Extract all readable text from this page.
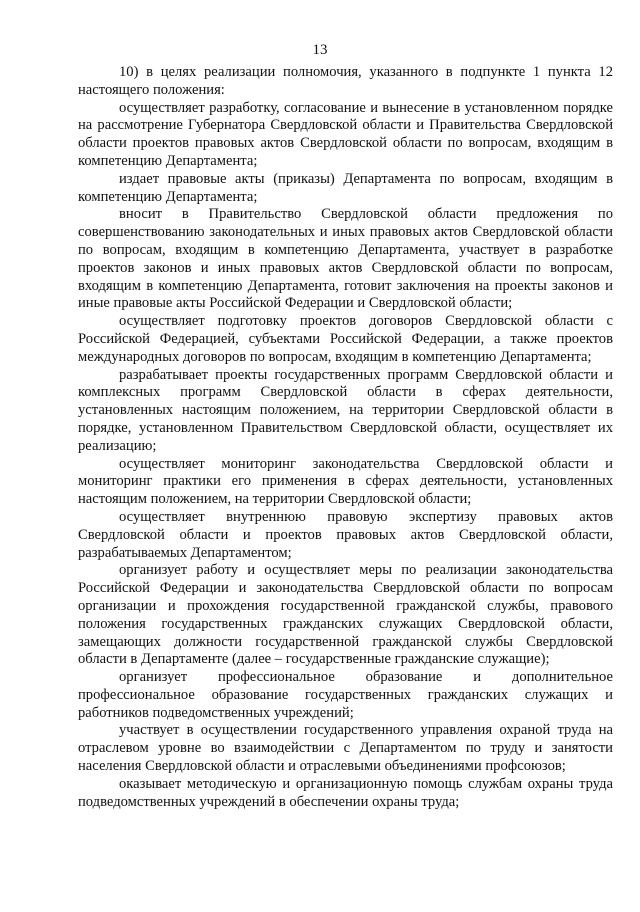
13

10) в целях реализации полномочия, указанного в подпункте 1 пункта 12 настоящего положения:

осуществляет разработку, согласование и вынесение в установленном порядке на рассмотрение Губернатора Свердловской области и Правительства Свердловской области проектов правовых актов Свердловской области по вопросам, входящим в компетенцию Департамента;

издает правовые акты (приказы) Департамента по вопросам, входящим в компетенцию Департамента;

вносит в Правительство Свердловской области предложения по совершенствованию законодательных и иных правовых актов Свердловской области по вопросам, входящим в компетенцию Департамента, участвует в разработке проектов законов и иных правовых актов Свердловской области по вопросам, входящим в компетенцию Департамента, готовит заключения на проекты законов и иные правовые акты Российской Федерации и Свердловской области;

осуществляет подготовку проектов договоров Свердловской области с Российской Федерацией, субъектами Российской Федерации, а также проектов международных договоров по вопросам, входящим в компетенцию Департамента;

разрабатывает проекты государственных программ Свердловской области и комплексных программ Свердловской области в сферах деятельности, установленных настоящим положением, на территории Свердловской области в порядке, установленном Правительством Свердловской области, осуществляет их реализацию;

осуществляет мониторинг законодательства Свердловской области и мониторинг практики его применения в сферах деятельности, установленных настоящим положением, на территории Свердловской области;

осуществляет внутреннюю правовую экспертизу правовых актов Свердловской области и проектов правовых актов Свердловской области, разрабатываемых Департаментом;

организует работу и осуществляет меры по реализации законодательства Российской Федерации и законодательства Свердловской области по вопросам организации и прохождения государственной гражданской службы, правового положения государственных гражданских служащих Свердловской области, замещающих должности государственной гражданской службы Свердловской области в Департаменте (далее – государственные гражданские служащие);

организует профессиональное образование и дополнительное профессиональное образование государственных гражданских служащих и работников подведомственных учреждений;

участвует в осуществлении государственного управления охраной труда на отраслевом уровне во взаимодействии с Департаментом по труду и занятости населения Свердловской области и отраслевыми объединениями профсоюзов;

оказывает методическую и организационную помощь службам охраны труда подведомственных учреждений в обеспечении охраны труда;
